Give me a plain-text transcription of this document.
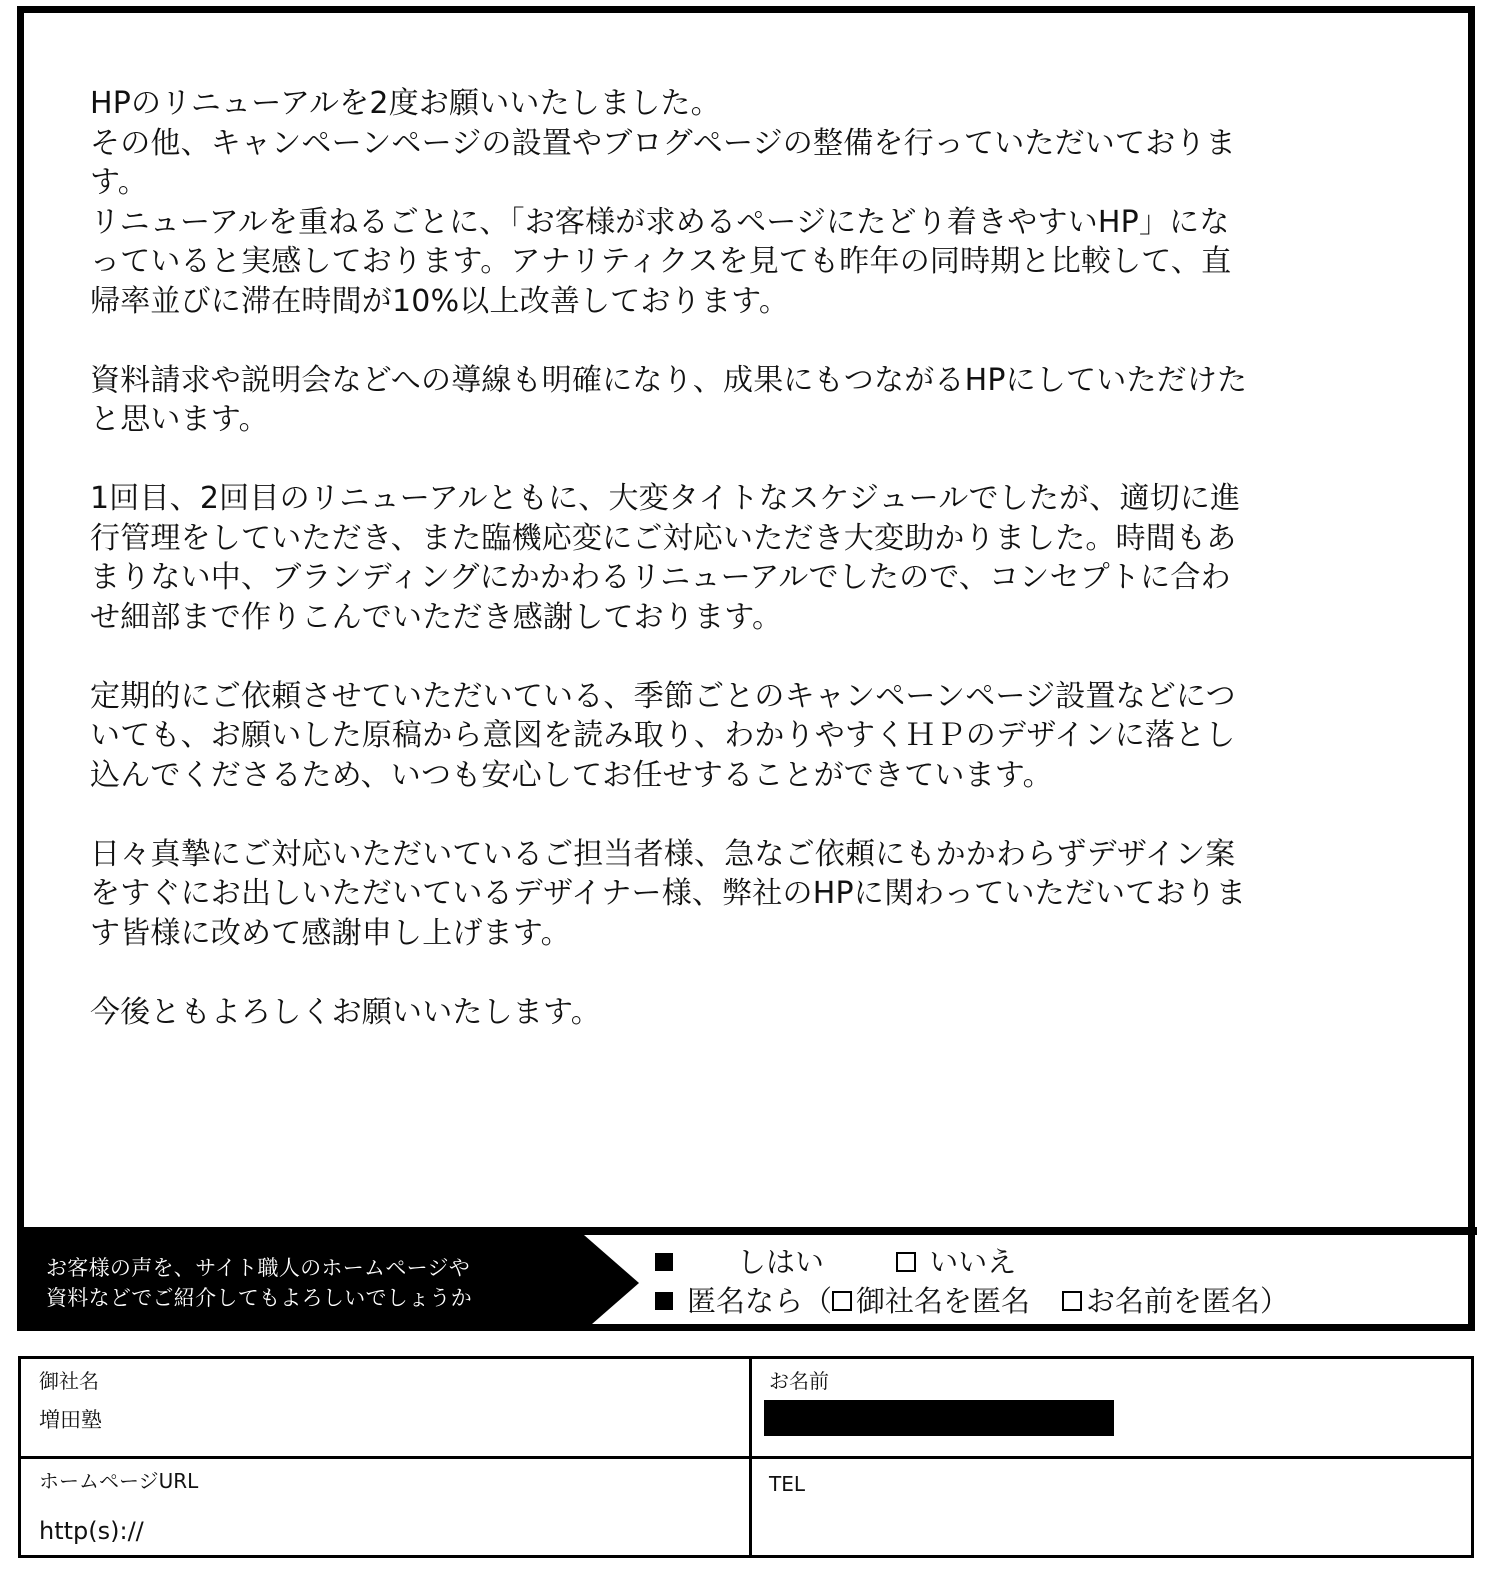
HPのリニューアルを2度お願いいたしました。
その他、キャンペーンページの設置やブログページの整備を行っていただいておりま
す。
リニューアルを重ねるごとに、「お客様が求めるページにたどり着きやすいHP」にな
っていると実感しております。アナリティクスを見ても昨年の同時期と比較して、直
帰率並びに滞在時間が10%以上改善しております。

資料請求や説明会などへの導線も明確になり、成果にもつながるHPにしていただけた
と思います。

1回目、2回目のリニューアルともに、大変タイトなスケジュールでしたが、適切に進
行管理をしていただき、また臨機応変にご対応いただき大変助かりました。時間もあ
まりない中、ブランディングにかかわるリニューアルでしたので、コンセプトに合わ
せ細部まで作りこんでいただき感謝しております。

定期的にご依頼させていただいている、季節ごとのキャンペーンページ設置などにつ
いても、お願いした原稿から意図を読み取り、わかりやすくＨＰのデザインに落とし
込んでくださるため、いつも安心してお任せすることができています。

日々真摯にご対応いただいているご担当者様、急なご依頼にもかかわらずデザイン案
をすぐにお出しいただいているデザイナー様、弊社のHPに関わっていただいておりま
す皆様に改めて感謝申し上げます。

今後ともよろしくお願いいたします。

お客様の声を、サイト職人のホームページや
資料などでご紹介してもよろしいでしょうか
しはい	いいえ
匿名なら（ 御社名を匿名 お名前を匿名）
御社名
増田塾
お名前
ホームページURL
http(s)://
TEL
